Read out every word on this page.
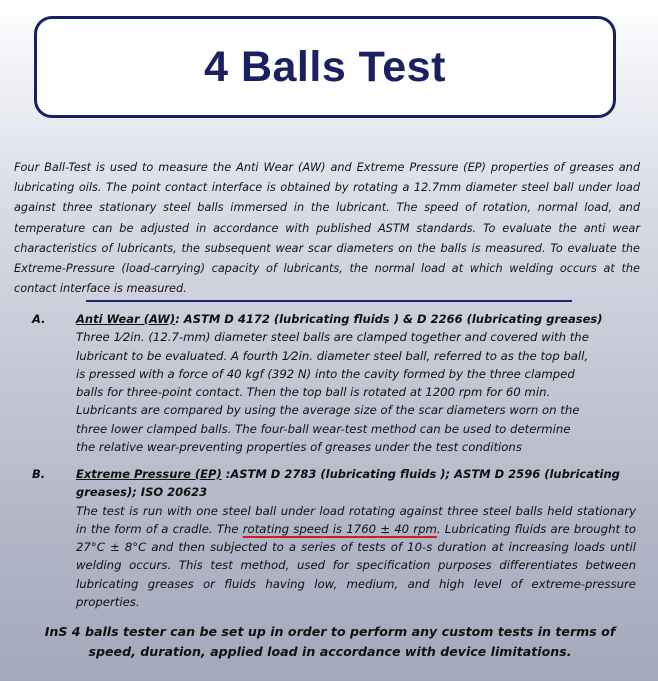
4 Balls Test
Four Ball-Test is used to measure the Anti Wear (AW) and Extreme Pressure (EP) properties of greases and lubricating oils. The point contact interface is obtained by rotating a 12.7mm diameter steel ball under load against three stationary steel balls immersed in the lubricant. The speed of rotation, normal load, and temperature can be adjusted in accordance with published ASTM standards. To evaluate the anti wear characteristics of lubricants, the subsequent wear scar diameters on the balls is measured. To evaluate the Extreme-Pressure (load-carrying) capacity of lubricants, the normal load at which welding occurs at the contact interface is measured.
A.	Anti Wear (AW): ASTM D 4172 (lubricating fluids ) & D 2266 (lubricating greases)
Three 1⁄2in. (12.7-mm) diameter steel balls are clamped together and covered with the
lubricant to be evaluated. A fourth 1⁄2in. diameter steel ball, referred to as the top ball,
is pressed with a force of 40 kgf (392 N) into the cavity formed by the three clamped
balls for three-point contact. Then the top ball is rotated at 1200 rpm for 60 min.
Lubricants are compared by using the average size of the scar diameters worn on the
three lower clamped balls. The four-ball wear-test method can be used to determine
the relative wear-preventing properties of greases under the test conditions
B.	Extreme Pressure (EP) :ASTM D 2783 (lubricating fluids ); ASTM D 2596 (lubricating
greases); ISO 20623
The test is run with one steel ball under load rotating against three steel balls held stationary in the form of a cradle. The rotating speed is 1760 ± 40 rpm. Lubricating fluids are brought to 27°C ± 8°C and then subjected to a series of tests of 10-s duration at increasing loads until welding occurs. This test method, used for specification purposes differentiates between lubricating greases or fluids having low, medium, and high level of extreme-pressure properties.
InS 4 balls tester can be set up in order to perform any custom tests in terms of
speed, duration, applied load in accordance with device limitations.
